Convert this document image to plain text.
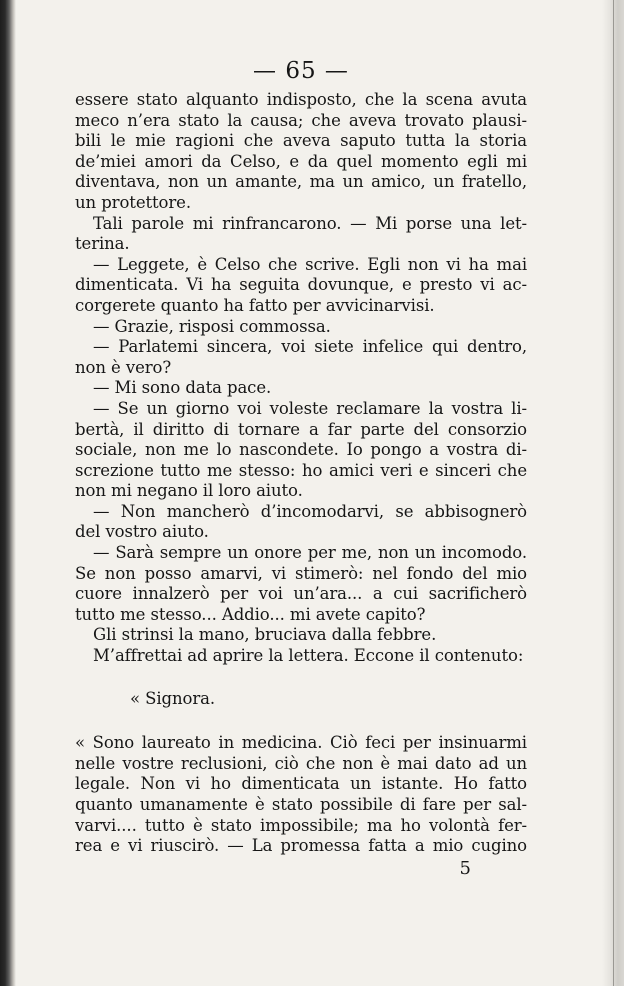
— 65 —
essere stato alquanto indisposto, che la scena avuta
meco n’era stato la causa; che aveva trovato plausi-
bili le mie ragioni che aveva saputo tutta la storia
de’miei amori da Celso, e da quel momento egli mi
diventava, non un amante, ma un amico, un fratello,
un protettore.
Tali parole mi rinfrancarono. — Mi porse una let-
terina.
— Leggete, è Celso che scrive. Egli non vi ha mai
dimenticata. Vi ha seguita dovunque, e presto vi ac-
corgerete quanto ha fatto per avvicinarvisi.
— Grazie, risposi commossa.
— Parlatemi sincera, voi siete infelice qui dentro,
non è vero?
— Mi sono data pace.
— Se un giorno voi voleste reclamare la vostra li-
bertà, il diritto di tornare a far parte del consorzio
sociale, non me lo nascondete. Io pongo a vostra di-
screzione tutto me stesso: ho amici veri e sinceri che
non mi negano il loro aiuto.
— Non mancherò d’incomodarvi, se abbisognerò
del vostro aiuto.
— Sarà sempre un onore per me, non un incomodo.
Se non posso amarvi, vi stimerò: nel fondo del mio
cuore innalzerò per voi un’ara... a cui sacrificherò
tutto me stesso... Addio... mi avete capito?
Gli strinsi la mano, bruciava dalla febbre.
M’affrettai ad aprire la lettera. Eccone il contenuto:
« Signora.
« Sono laureato in medicina. Ciò feci per insinuarmi
nelle vostre reclusioni, ciò che non è mai dato ad un
legale. Non vi ho dimenticata un istante. Ho fatto
quanto umanamente è stato possibile di fare per sal-
varvi.... tutto è stato impossibile; ma ho volontà fer-
rea e vi riuscirò. — La promessa fatta a mio cugino
5
